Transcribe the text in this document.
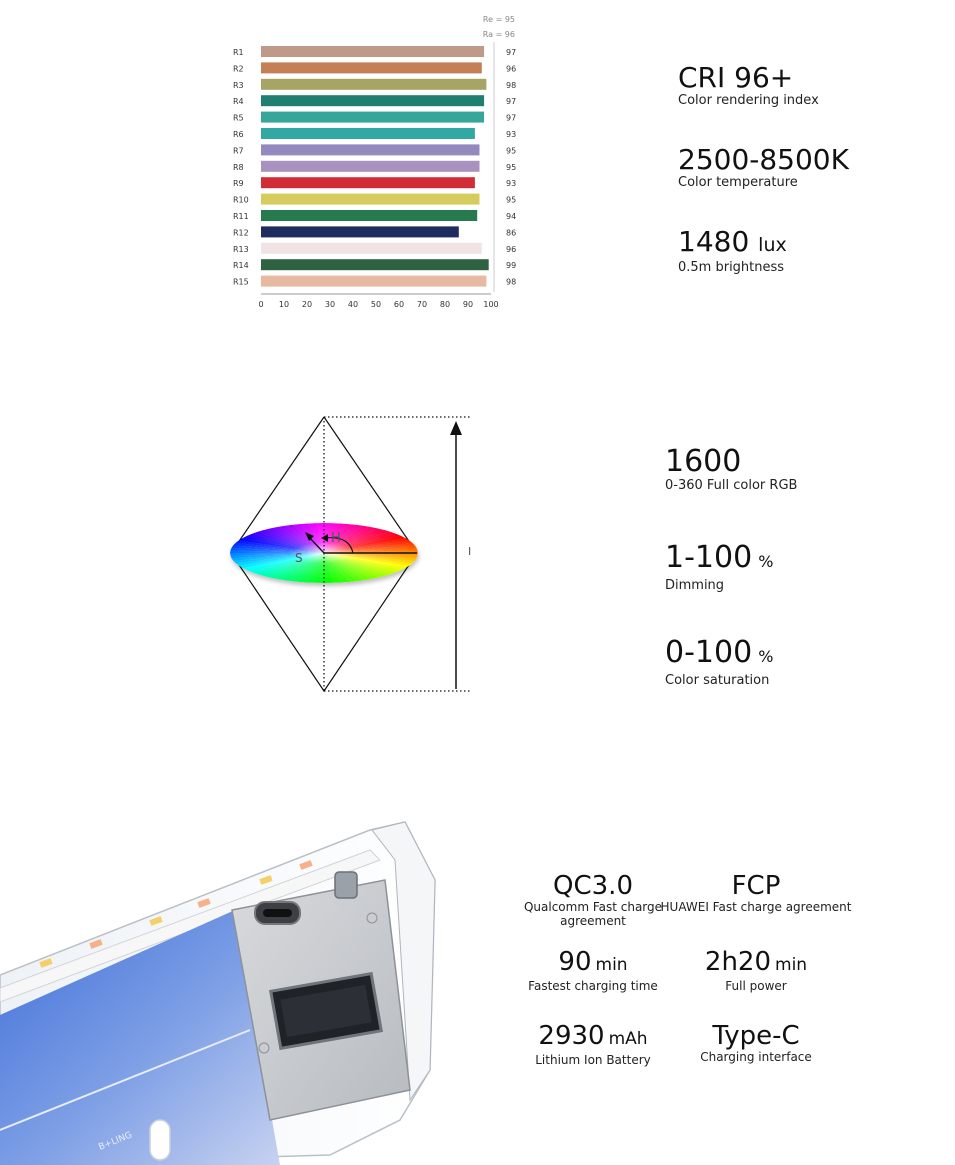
Re = 95
Ra = 96
R1	97
R2	96
R3	98
R4	97
R5	97
R6	93
R7	95
R8	95
R9	93
R10	95
R11	94
R12	86
R13	96
R14	99
R15	98
0 10 20 30 40 50 60 70 80 90 100
CRI 96+
Color rendering index
2500-8500K
Color temperature
1480 lux
0.5m brightness
H
S	I
1600
0-360 Full color RGB
1-100 %
Dimming
0-100 %
Color saturation
B+LING
QC3.0
Qualcomm Fast charge agreement
FCP
HUAWEI Fast charge agreement
90 min
Fastest charging time
2h20 min
Full power
2930 mAh
Lithium Ion Battery
Type-C
Charging interface
